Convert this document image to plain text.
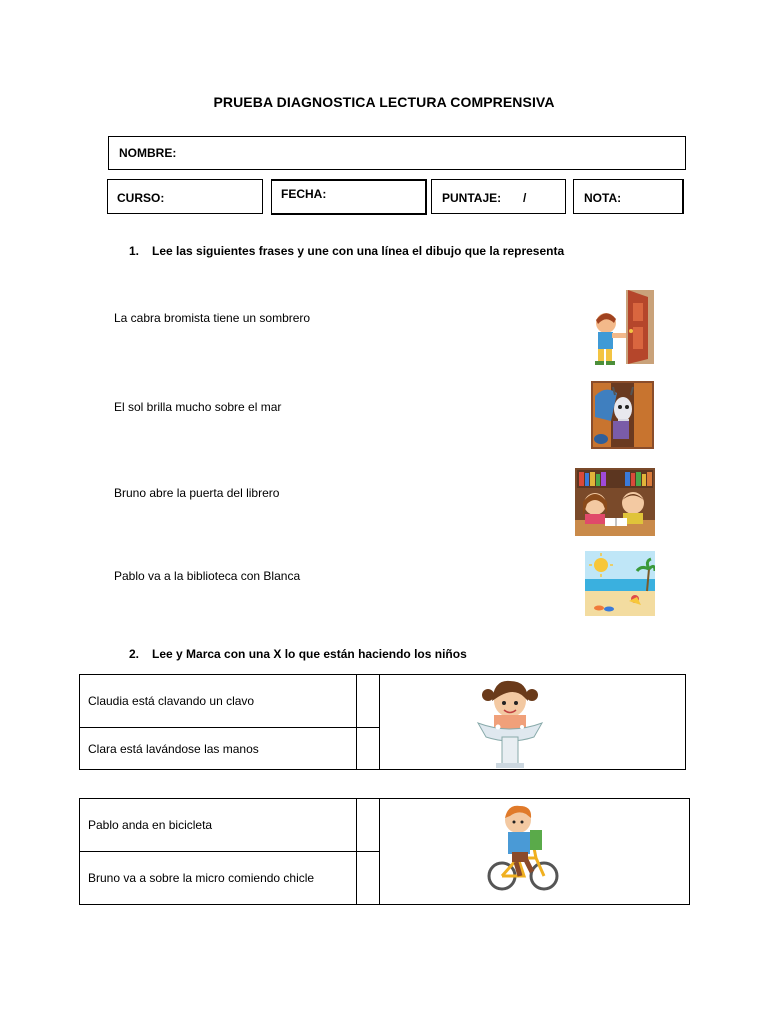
PRUEBA DIAGNOSTICA LECTURA COMPRENSIVA
NOMBRE:
CURSO:	FECHA:	PUNTAJE: /	NOTA:
1. Lee las siguientes frases y une con una línea el dibujo que la representa
La cabra bromista tiene un sombrero
El sol brilla mucho sobre el mar
Bruno abre la puerta del librero
Pablo va a la biblioteca con Blanca
2. Lee y Marca con una X lo que están haciendo los niños
Claudia está clavando un clavo		

Clara está lavándose las manos		
Pablo anda en bicicleta		

Bruno va a sobre la micro comiendo chicle		
